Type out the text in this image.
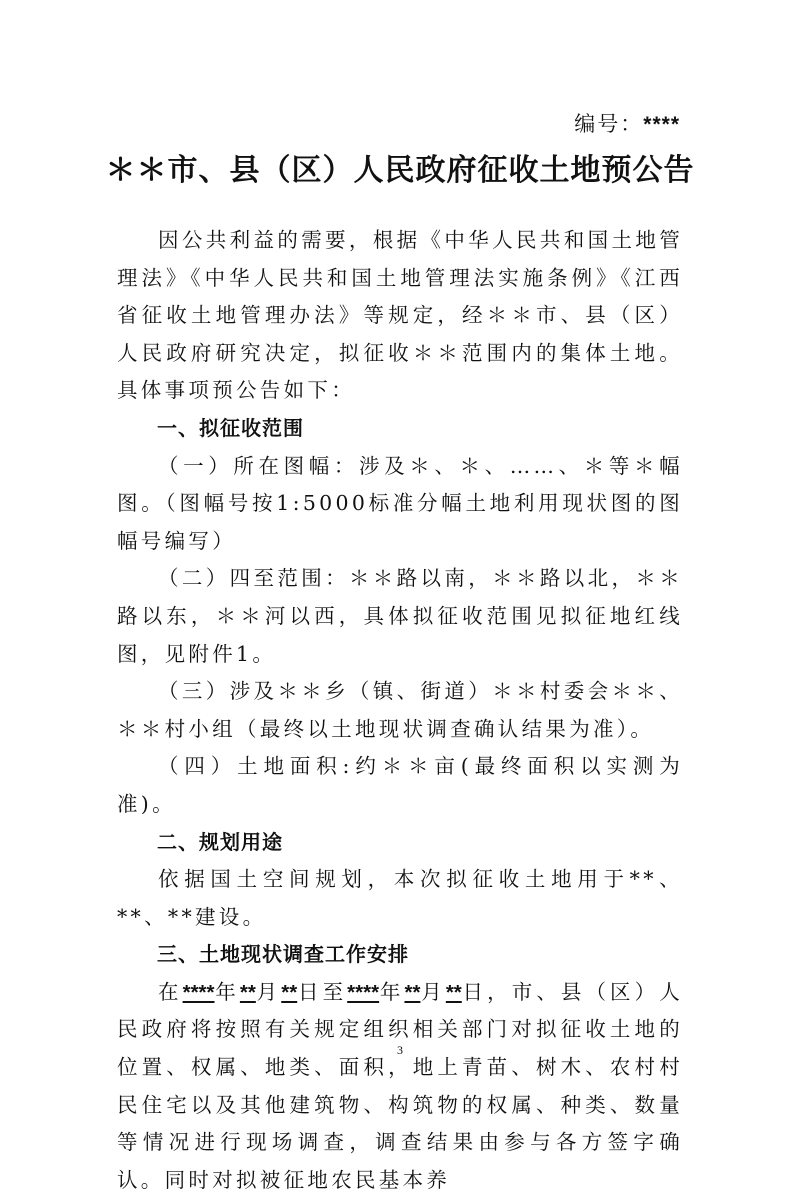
编号：****
＊＊市、县（区）人民政府征收土地预公告

因公共利益的需要，根据《中华人民共和国土地管理法》《中华人民共和国土地管理法实施条例》《江西省征收土地管理办法》等规定，经＊＊市、县（区）人民政府研究决定，拟征收＊＊范围内的集体土地。具体事项预公告如下：

一、拟征收范围

（一）所在图幅：涉及＊、＊、……、＊等＊幅图。（图幅号按1:5000标准分幅土地利用现状图的图幅号编写）

（二）四至范围：＊＊路以南，＊＊路以北，＊＊路以东，＊＊河以西，具体拟征收范围见拟征地红线图，见附件1。

（三）涉及＊＊乡（镇、街道）＊＊村委会＊＊、＊＊村小组（最终以土地现状调查确认结果为准）。

（四）土地面积:约＊＊亩(最终面积以实测为准)。

二、规划用途

依据国土空间规划，本次拟征收土地用于**、**、**建设。

三、土地现状调查工作安排

在****年**月**日至****年**月**日，市、县（区）人民政府将按照有关规定组织相关部门对拟征收土地的位置、权属、地类、面积，地上青苗、树木、农村村民住宅以及其他建筑物、构筑物的权属、种类、数量等情况进行现场调查，调查结果由参与各方签字确认。同时对拟被征地农民基本养

3
